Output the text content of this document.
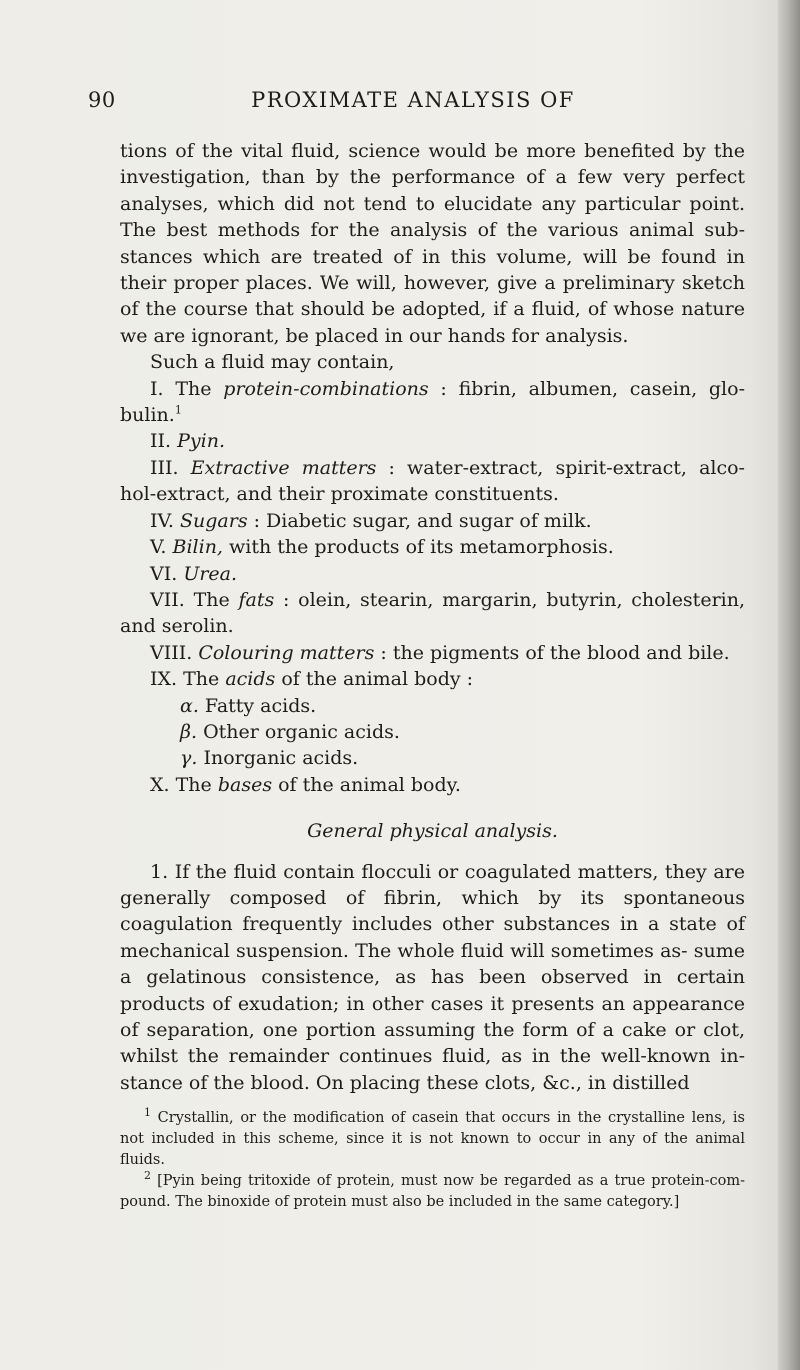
90	PROXIMATE ANALYSIS OF

tions of the vital fluid, science would be more benefited by the investigation, than by the performance of a few very perfect analyses, which did not tend to elucidate any particular point. The best methods for the analysis of the various animal sub- stances which are treated of in this volume, will be found in their proper places. We will, however, give a preliminary sketch of the course that should be adopted, if a fluid, of whose nature we are ignorant, be placed in our hands for analysis.

Such a fluid may contain,

I. The protein-combinations : fibrin, albumen, casein, glo- bulin.$^1$

II. Pyin.

III. Extractive matters : water-extract, spirit-extract, alco- hol-extract, and their proximate constituents.

IV. Sugars : Diabetic sugar, and sugar of milk.

V. Bilin, with the products of its metamorphosis.

VI. Urea.

VII. The fats : olein, stearin, margarin, butyrin, cholesterin, and serolin.

VIII. Colouring matters : the pigments of the blood and bile.

IX. The acids of the animal body :

α. Fatty acids.

β. Other organic acids.

γ. Inorganic acids.

X. The bases of the animal body.

General physical analysis.

1. If the fluid contain flocculi or coagulated matters, they are generally composed of fibrin, which by its spontaneous coagulation frequently includes other substances in a state of mechanical suspension. The whole fluid will sometimes as- sume a gelatinous consistence, as has been observed in certain products of exudation; in other cases it presents an appearance of separation, one portion assuming the form of a cake or clot, whilst the remainder continues fluid, as in the well-known in- stance of the blood. On placing these clots, &c., in distilled

$^1$ Crystallin, or the modification of casein that occurs in the crystalline lens, is not included in this scheme, since it is not known to occur in any of the animal fluids.

$^2$ [Pyin being tritoxide of protein, must now be regarded as a true protein-com- pound. The binoxide of protein must also be included in the same category.]
